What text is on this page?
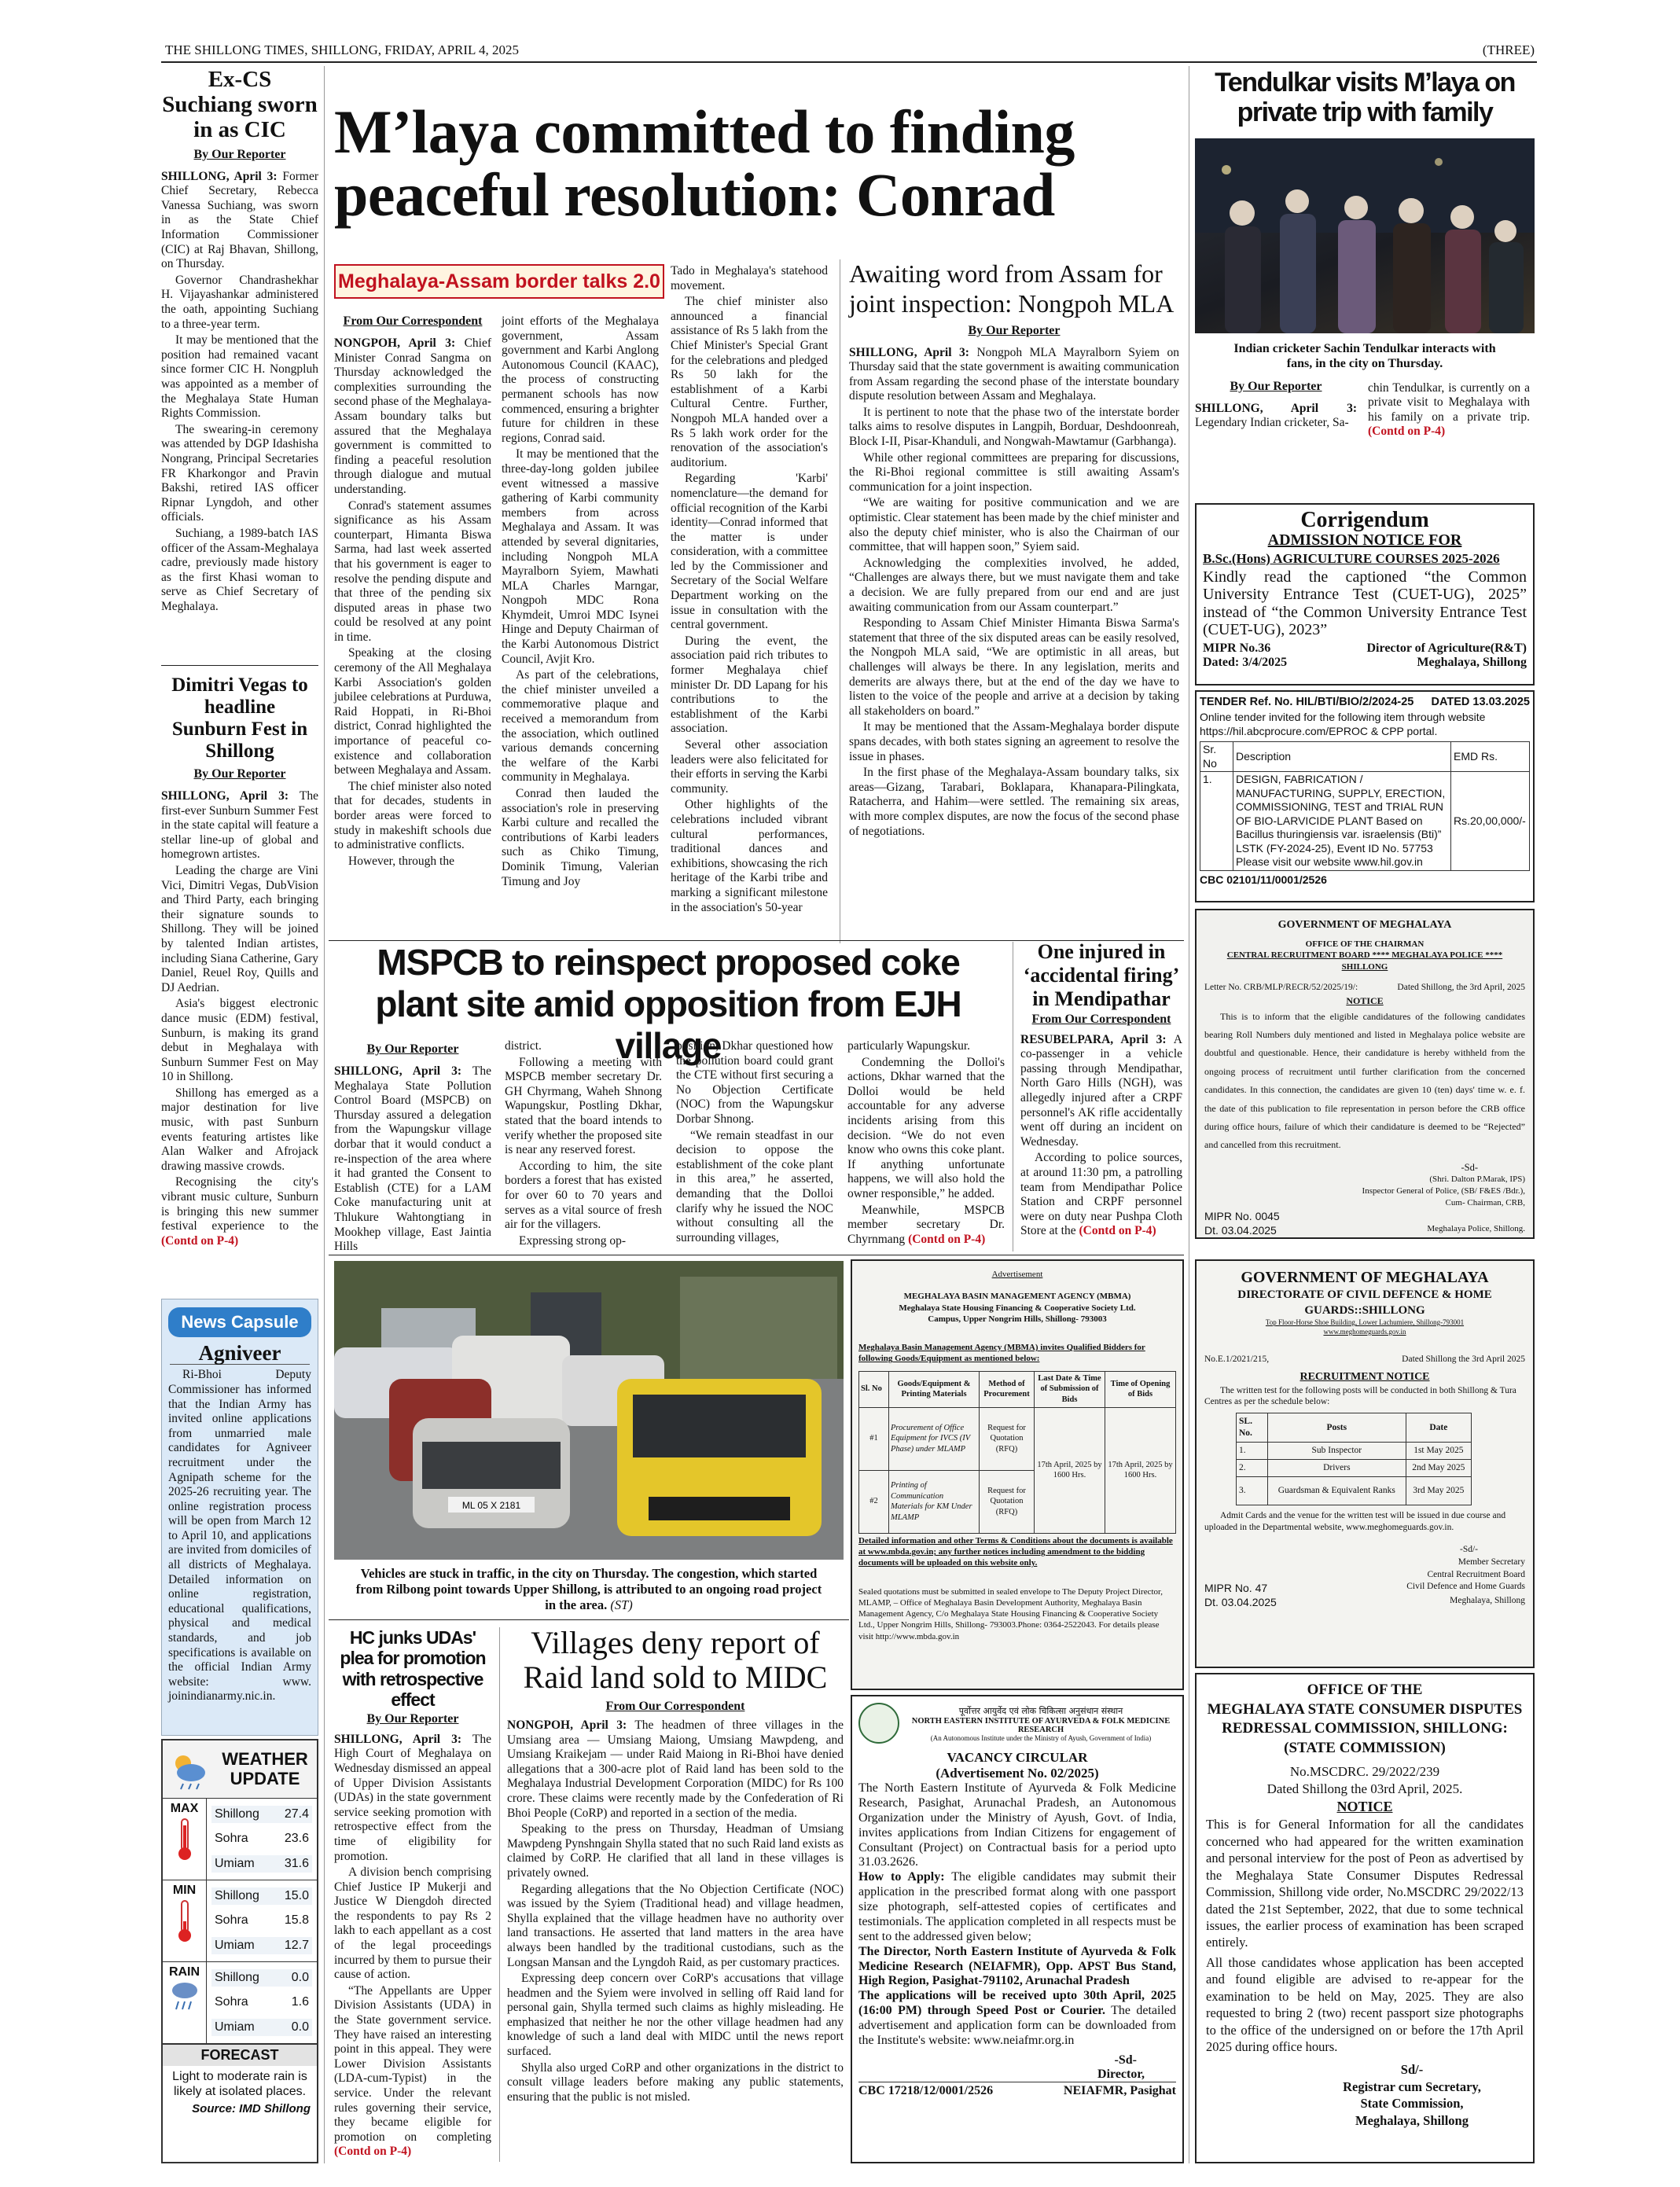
THE SHILLONG TIMES, SHILLONG, FRIDAY, APRIL 4, 2025	(THREE)
Ex-CS Suchiang sworn in as CIC
By Our Reporter

SHILLONG, April 3: Former Chief Secretary, Rebecca Vanessa Suchiang, was sworn in as the State Chief Information Commissioner (CIC) at Raj Bhavan, Shillong, on Thursday.

Governor Chandrashekhar H. Vijayashankar administered the oath, appointing Suchiang to a three-year term.

It may be mentioned that the position had remained vacant since former CIC H. Nongpluh was appointed as a member of the Meghalaya State Human Rights Commission.

The swearing-in ceremony was attended by DGP Idashisha Nongrang, Principal Secretaries FR Kharkongor and Pravin Bakshi, retired IAS officer Ripnar Lyngdoh, and other officials.

Suchiang, a 1989-batch IAS officer of the Assam-Meghalaya cadre, previously made history as the first Khasi woman to serve as Chief Secretary of Meghalaya.

Dimitri Vegas to headline Sunburn Fest in Shillong
By Our Reporter

SHILLONG, April 3: The first-ever Sunburn Summer Fest in the state capital will feature a stellar line-up of global and homegrown artistes.

Leading the charge are Vini Vici, Dimitri Vegas, DubVision and Third Party, each bringing their signature sounds to Shillong. They will be joined by talented Indian artistes, including Siana Catherine, Gary Daniel, Reuel Roy, Quills and DJ Aedrian.

Asia's biggest electronic dance music (EDM) festival, Sunburn, is making its grand debut in Meghalaya with Sunburn Summer Fest on May 10 in Shillong.

Shillong has emerged as a major destination for live music, with past Sunburn events featuring artistes like Alan Walker and Afrojack drawing massive crowds.

Recognising the city's vibrant music culture, Sunburn is bringing this new summer festival experience to the (Contd on P-4)

News Capsule
Agniveer
Ri-Bhoi Deputy Commissioner has informed that the Indian Army has invited online applications from unmarried male candidates for Agniveer recruitment under the Agnipath scheme for the 2025-26 recruiting year. The online registration process will be open from March 12 to April 10, and applications are invited from domiciles of all districts of Meghalaya. Detailed information on online registration, educational qualifications, physical and medical standards, and job specifications is available on the official Indian Army website: www. joinindianarmy.nic.in.
WEATHER
UPDATE
MAX Shillong 27.4
Sohra	23.6
Umiam 31.6
MIN Shillong 15.0
Sohra	15.8
Umiam 12.7
RAIN Shillong	0.0
Sohra	1.6
Umiam	0.0
FORECAST
Light to moderate rain is likely at isolated places.
Source: IMD Shillong
M’laya committed to finding peaceful resolution: Conrad
Meghalaya-Assam border talks 2.0
From Our Correspondent

NONGPOH, April 3: Chief Minister Conrad Sangma on Thursday acknowledged the complexities surrounding the second phase of the Meghalaya-Assam boundary talks but assured that the Meghalaya government is committed to finding a peaceful resolution through dialogue and mutual understanding.

Conrad's statement assumes significance as his Assam counterpart, Himanta Biswa Sarma, had last week asserted that his government is eager to resolve the pending dispute and that three of the pending six disputed areas in phase two could be resolved at any point in time.

Speaking at the closing ceremony of the All Meghalaya Karbi Association's golden jubilee celebrations at Purduwa, Raid Hoppati, in Ri-Bhoi district, Conrad highlighted the importance of peaceful co-existence and collaboration between Meghalaya and Assam.

The chief minister also noted that for decades, students in border areas were forced to study in makeshift schools due to administrative conflicts.

However, through the

joint efforts of the Meghalaya government, Assam government and Karbi Anglong Autonomous Council (KAAC), the process of constructing permanent schools has now commenced, ensuring a brighter future for children in these regions, Conrad said.

It may be mentioned that the three-day-long golden jubilee event witnessed a massive gathering of Karbi community members from across Meghalaya and Assam. It was attended by several dignitaries, including Nongpoh MLA Mayralborn Syiem, Mawhati MLA Charles Marngar, Nongpoh MDC Rona Khymdeit, Umroi MDC Isynei Hinge and Deputy Chairman of the Karbi Autonomous District Council, Avjit Kro.

As part of the celebrations, the chief minister unveiled a commemorative plaque and received a memorandum from the association, which outlined various demands concerning the welfare of the Karbi community in Meghalaya.

Conrad then lauded the association's role in preserving Karbi culture and recalled the contributions of Karbi leaders such as Chiko Timung, Dominik Timung, Valerian Timung and Joy

Tado in Meghalaya's statehood movement.

The chief minister also announced a financial assistance of Rs 5 lakh from the Chief Minister's Special Grant for the celebrations and pledged Rs 50 lakh for the establishment of a Karbi Cultural Centre. Further, Nongpoh MLA handed over a Rs 5 lakh work order for the renovation of the association's auditorium.

Regarding 'Karbi' nomenclature—the demand for official recognition of the Karbi identity—Conrad informed that the matter is under consideration, with a committee led by the Commissioner and Secretary of the Social Welfare Department working on the issue in consultation with the central government.

During the event, the association paid rich tributes to former Meghalaya chief minister Dr. DD Lapang for his contributions to the establishment of the Karbi association.

Several other association leaders were also felicitated for their efforts in serving the Karbi community.

Other highlights of the celebrations included vibrant cultural performances, traditional dances and exhibitions, showcasing the rich heritage of the Karbi tribe and marking a significant milestone in the association's 50-year

Awaiting word from Assam for joint inspection: Nongpoh MLA
By Our Reporter

SHILLONG, April 3: Nongpoh MLA Mayralborn Syiem on Thursday said that the state government is awaiting communication from Assam regarding the second phase of the interstate boundary dispute resolution between Assam and Meghalaya.

It is pertinent to note that the phase two of the interstate border talks aims to resolve disputes in Langpih, Borduar, Deshdoonreah, Block I-II, Pisar-Khanduli, and Nongwah-Mawtamur (Garbhanga).

While other regional committees are preparing for discussions, the Ri-Bhoi regional committee is still awaiting Assam's communication for a joint inspection.

“We are waiting for positive communication and we are optimistic. Clear statement has been made by the chief minister and also the deputy chief minister, who is also the Chairman of our committee, that will happen soon,” Syiem said.

Acknowledging the complexities involved, he added, “Challenges are always there, but we must navigate them and take a decision. We are fully prepared from our end and are just awaiting communication from our Assam counterpart.”

Responding to Assam Chief Minister Himanta Biswa Sarma's statement that three of the six disputed areas can be easily resolved, the Nongpoh MLA said, “We are optimistic in all areas, but challenges will always be there. In any legislation, merits and demerits are always there, but at the end of the day we have to listen to the voice of the people and arrive at a decision by taking all stakeholders on board.”

It may be mentioned that the Assam-Meghalaya border dispute spans decades, with both states signing an agreement to resolve the issue in phases.

In the first phase of the Meghalaya-Assam boundary talks, six areas—Gizang, Tarabari, Boklapara, Khanapara-Pilingkata, Ratacherra, and Hahim—were settled. The remaining six areas, with more complex disputes, are now the focus of the second phase of negotiations.

Tendulkar visits M’laya on private trip with family
Indian cricketer Sachin Tendulkar interacts with fans, in the city on Thursday.
By Our Reporter

SHILLONG, April 3: Legendary Indian cricketer, Sa-

chin Tendulkar, is currently on a private visit to Meghalaya with his family on a private trip. (Contd on P-4)

Corrigendum
ADMISSION NOTICE FOR
B.Sc.(Hons) AGRICULTURE COURSES 2025-2026
Kindly read the captioned “the Common University Entrance Test (CUET-UG), 2025” instead of “the Common University Entrance Test (CUET-UG), 2023”
MIPR No.36	Director of Agriculture(R&T)
Dated: 3/4/2025	Meghalaya, Shillong
TENDER Ref. No. HIL/BTI/BIO/2/2024-25 DATED 13.03.2025
Online tender invited for the following item through website https://hil.abcprocure.com/EPROC & CPP portal.
Sr. No	Description	EMD Rs.
1.	DESIGN, FABRICATION / MANUFACTURING, SUPPLY, ERECTION, COMMISSIONING, TEST and TRIAL RUN OF BIO-LARVICIDE PLANT Based on Bacillus thuringiensis var. israelensis (Bti)” LSTK (FY-2024-25), Event ID No. 57753 Please visit our website www.hil.gov.in	Rs.20,00,000/-
CBC 02101/11/0001/2526
GOVERNMENT OF MEGHALAYA
OFFICE OF THE CHAIRMAN
CENTRAL RECRUITMENT BOARD **** MEGHALAYA POLICE **** SHILLONG
Letter No. CRB/MLP/RECR/52/2025/19/:	Dated Shillong, the 3rd April, 2025
NOTICE
This is to inform that the eligible candidatures of the following candidates bearing Roll Numbers duly mentioned and listed in Meghalaya police website are doubtful and questionable. Hence, their candidature is hereby withheld from the ongoing process of recruitment until further clarification from the concerned candidates. In this connection, the candidates are given 10 (ten) days' time w. e. f. the date of this publication to file representation in person before the CRB office during office hours, failure of which their candidature is deemed to be “Rejected” and cancelled from this recruitment.
-Sd-
(Shri. Dalton P.Marak, IPS)
Inspector General of Police, (SB/ F&ES /Bdr.),
Cum- Chairman, CRB,
MIPR No. 0045
Dt. 03.04.2025	Meghalaya Police, Shillong.
MSPCB to reinspect proposed coke plant site amid opposition from EJH village
By Our Reporter

SHILLONG, April 3: The Meghalaya State Pollution Control Board (MSPCB) on Thursday assured a delegation from the Wapungskur village dorbar that it would conduct a re-inspection of the area where it had granted the Consent to Establish (CTE) for a LAM Coke manufacturing unit at Thlukure Wahtongtiang in Mookhep village, East Jaintia Hills

district.

Following a meeting with MSPCB member secretary Dr. GH Chyrmang, Waheh Shnong Wapungskur, Postling Dkhar, stated that the board intends to verify whether the proposed site is near any reserved forest.

According to him, the site borders a forest that has existed for over 60 to 70 years and serves as a vital source of fresh air for the villagers.

Expressing strong op-

position, Dkhar questioned how the pollution board could grant the CTE without first securing a No Objection Certificate (NOC) from the Wapungskur Dorbar Shnong.

“We remain steadfast in our decision to oppose the establishment of the coke plant in this area,” he asserted, demanding that the Dolloi clarify why he issued the NOC without consulting all the surrounding villages,

particularly Wapungskur.

Condemning the Dolloi's actions, Dkhar warned that the Dolloi would be held accountable for any adverse incidents arising from this decision. “We do not even know who owns this coke plant. If anything unfortunate happens, we will also hold the owner responsible,” he added.

Meanwhile, MSPCB member secretary Dr. Chyrnmang (Contd on P-4)

One injured in ‘accidental firing’ in Mendipathar
From Our Correspondent

RESUBELPARA, April 3: A co-passenger in a vehicle passing through Mendipathar, North Garo Hills (NGH), was allegedly injured after a CRPF personnel's AK rifle accidentally went off during an incident on Wednesday.

According to police sources, at around 11:30 pm, a patrolling team from Mendipathar Police Station and CRPF personnel were on duty near Pushpa Cloth Store at the (Contd on P-4)

ML 05 X 2181
Vehicles are stuck in traffic, in the city on Thursday. The congestion, which started from Rilbong point towards Upper Shillong, is attributed to an ongoing road project in the area. (ST)
Advertisement
MEGHALAYA BASIN MANAGEMENT AGENCY (MBMA)
Meghalaya State Housing Financing & Cooperative Society Ltd. Campus, Upper Nongrim Hills, Shillong- 793003
Meghalaya Basin Management Agency (MBMA) invites Qualified Bidders for following Goods/Equipment as mentioned below:
Sl. No	Goods/Equipment & Printing Materials	Method of Procurement	Last Date & Time of Submission of Bids	Time of Opening of Bids
#1	Procurement of Office Equipment for IVCS (IV Phase) under MLAMP	Request for Quotation (RFQ)	17th April, 2025 by 1600 Hrs.	17th April, 2025 by 1600 Hrs.
#2	Printing of Communication Materials for KM Under MLAMP	Request for Quotation (RFQ)		
Detailed information and other Terms & Conditions about the documents is available at www.mbda.gov.in; any further notices including amendment to the bidding documents will be uploaded on this website only.
Sealed quotations must be submitted in sealed envelope to The Deputy Project Director, MLAMP, – Office of Meghalaya Basin Development Authority, Meghalaya Basin Management Agency, C/o Meghalaya State Housing Financing & Cooperative Society Ltd., Upper Nongrim Hills, Shillong- 793003.Phone: 0364-2522043. For details please visit http://www.mbda.gov.in
GOVERNMENT OF MEGHALAYA
DIRECTORATE OF CIVIL DEFENCE & HOME GUARDS::SHILLONG
Top Floor-Horse Shoe Building, Lower Lachumiere, Shillong-793001
www.meghomeguards.gov.in
No.E.1/2021/215,	Dated Shillong the 3rd April 2025
RECRUITMENT NOTICE
The written test for the following posts will be conducted in both Shillong & Tura Centres as per the schedule below:
SL. No.	Posts	Date
1.	Sub Inspector	1st May 2025
2.	Drivers	2nd May 2025
3.	Guardsman & Equivalent Ranks	3rd May 2025
Admit Cards and the venue for the written test will be issued in due course and uploaded in the Departmental website, www.meghomeguards.gov.in.
-Sd/-
Member Secretary
Central Recruitment Board
MIPR No. 47	Civil Defence and Home Guards
Dt. 03.04.2025	Meghalaya, Shillong
HC junks UDAs' plea for promotion with retrospective effect
By Our Reporter

SHILLONG, April 3: The High Court of Meghalaya on Wednesday dismissed an appeal of Upper Division Assistants (UDAs) in the state government service seeking promotion with retrospective effect from the time of eligibility for promotion.

A division bench comprising Chief Justice IP Mukerji and Justice W Diengdoh directed the respondents to pay Rs 2 lakh to each appellant as a cost of the legal proceedings incurred by them to pursue their cause of action.

“The Appellants are Upper Division Assistants (UDA) in the State government service. They have raised an interesting point in this appeal. They were Lower Division Assistants (LDA-cum-Typist) in the service. Under the relevant rules governing their service, they became eligible for promotion on completing (Contd on P-4)

Villages deny report of Raid land sold to MIDC
From Our Correspondent

NONGPOH, April 3: The headmen of three villages in the Umsiang area — Umsiang Maiong, Umsiang Mawpdeng, and Umsiang Kraikejam — under Raid Maiong in Ri-Bhoi have denied allegations that a 300-acre plot of Raid land has been sold to the Meghalaya Industrial Development Corporation (MIDC) for Rs 100 crore. These claims were recently made by the Confederation of Ri Bhoi People (CoRP) and reported in a section of the media.

Speaking to the press on Thursday, Headman of Umsiang Mawpdeng Pynshngain Shylla stated that no such Raid land exists as claimed by CoRP. He clarified that all land in these villages is privately owned.

Regarding allegations that the No Objection Certificate (NOC) was issued by the Syiem (Traditional head) and village headmen, Shylla explained that the village headmen have no authority over land transactions. He asserted that land matters in the area have always been handled by the traditional custodians, such as the Longsan Mansan and the Lyngdoh Raid, as per customary practices.

Expressing deep concern over CoRP's accusations that village headmen and the Syiem were involved in selling off Raid land for personal gain, Shylla termed such claims as highly misleading. He emphasized that neither he nor the other village headmen had any knowledge of such a land deal with MIDC until the news report surfaced.

Shylla also urged CoRP and other organizations in the district to consult village leaders before making any public statements, ensuring that the public is not misled.

पूर्वोत्तर आयुर्वेद एवं लोक चिकित्सा अनुसंधान संस्थान
NORTH EASTERN INSTITUTE OF AYURVEDA & FOLK MEDICINE RESEARCH
(An Autonomous Institute under the Ministry of Ayush, Government of India)
VACANCY CIRCULAR
(Advertisement No. 02/2025)
The North Eastern Institute of Ayurveda & Folk Medicine Research, Pasighat, Arunachal Pradesh, an Autonomous Organization under the Ministry of Ayush, Govt. of India, invites applications from Indian Citizens for engagement of Consultant (Project) on Contractual basis for a period upto 31.03.2626.
How to Apply: The eligible candidates may submit their application in the prescribed format along with one passport size photograph, self-attested copies of certificates and testimonials. The application completed in all respects must be sent to the addressed given below;
The Director, North Eastern Institute of Ayurveda & Folk Medicine Research (NEIAFMR), Opp. APST Bus Stand, High Region, Pasighat-791102, Arunachal Pradesh
The applications will be received upto 30th April, 2025 (16:00 PM) through Speed Post or Courier. The detailed advertisement and application form can be downloaded from the Institute's website: www.neiafmr.org.in
-Sd-
Director,
CBC 17218/12/0001/2526	NEIAFMR, Pasighat
OFFICE OF THE
MEGHALAYA STATE CONSUMER DISPUTES REDRESSAL COMMISSION, SHILLONG:
(STATE COMMISSION)
No.MSCDRC. 29/2022/239
Dated Shillong the 03rd April, 2025.
NOTICE
This is for General Information for all the candidates concerned who had appeared for the written examination and personal interview for the post of Peon as advertised by the Meghalaya State Consumer Disputes Redressal Commission, Shillong vide order, No.MSCDRC 29/2022/13 dated the 21st September, 2022, that due to some technical issues, the earlier process of examination has been scraped entirely.
All those candidates whose application has been accepted and found eligible are advised to re-appear for the examination to be held on May, 2025. They are also requested to bring 2 (two) recent passport size photographs to the office of the undersigned on or before the 17th April 2025 during office hours.
Sd/-
Registrar cum Secretary,
State Commission,
Meghalaya, Shillong
